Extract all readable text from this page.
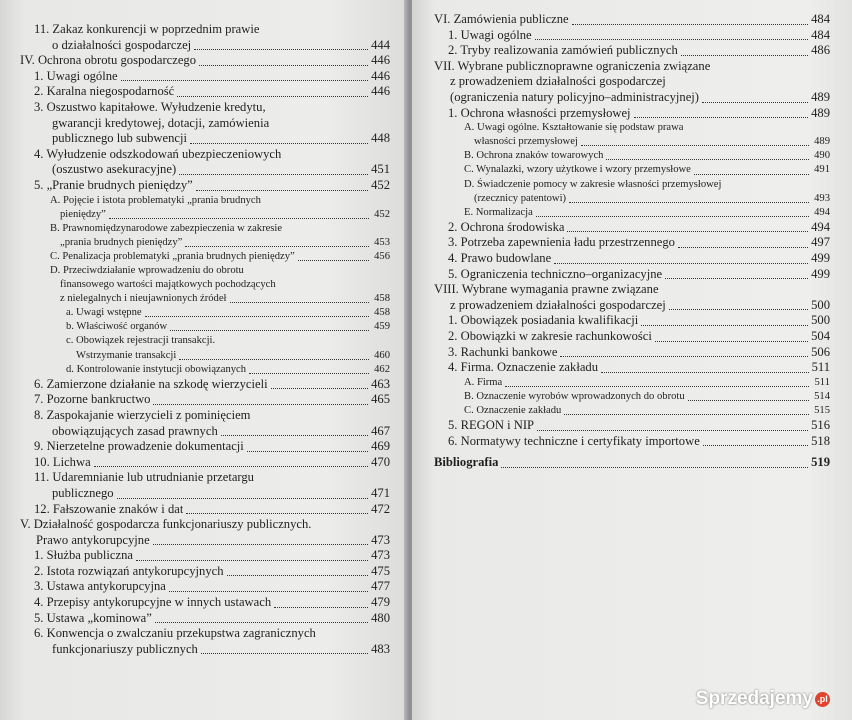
11. Zakaz konkurencji w poprzednim prawie
o działalności gospodarczej	444
IV. Ochrona obrotu gospodarczego	446
1. Uwagi ogólne	446
2. Karalna niegospodarność	446
3. Oszustwo kapitałowe. Wyłudzenie kredytu,
gwarancji kredytowej, dotacji, zamówienia
publicznego lub subwencji	448
4. Wyłudzenie odszkodowań ubezpieczeniowych
(oszustwo asekuracyjne)	451
5. „Pranie brudnych pieniędzy”	452
A. Pojęcie i istota problematyki „prania brudnych
pieniędzy”	452
B. Prawnomiędzynarodowe zabezpieczenia w zakresie
„prania brudnych pieniędzy”	453
C. Penalizacja problematyki „prania brudnych pieniędzy”	456
D. Przeciwdziałanie wprowadzeniu do obrotu
finansowego wartości majątkowych pochodzących
z nielegalnych i nieujawnionych źródeł	458
a. Uwagi wstępne	458
b. Właściwość organów	459
c. Obowiązek rejestracji transakcji.
Wstrzymanie transakcji	460
d. Kontrolowanie instytucji obowiązanych	462
6. Zamierzone działanie na szkodę wierzycieli	463
7. Pozorne bankructwo	465
8. Zaspokajanie wierzycieli z pominięciem
obowiązujących zasad prawnych	467
9. Nierzetelne prowadzenie dokumentacji	469
10. Lichwa	470
11. Udaremnianie lub utrudnianie przetargu
publicznego	471
12. Fałszowanie znaków i dat	472
V. Działalność gospodarcza funkcjonariuszy publicznych.
Prawo antykorupcyjne	473
1. Służba publiczna	473
2. Istota rozwiązań antykorupcyjnych	475
3. Ustawa antykorupcyjna	477
4. Przepisy antykorupcyjne w innych ustawach	479
5. Ustawa „kominowa”	480
6. Konwencja o zwalczaniu przekupstwa zagranicznych
funkcjonariuszy publicznych	483
VI. Zamówienia publiczne	484
1. Uwagi ogólne	484
2. Tryby realizowania zamówień publicznych	486
VII. Wybrane publicznoprawne ograniczenia związane
z prowadzeniem działalności gospodarczej
(ograniczenia natury policyjno–administracyjnej)	489
1. Ochrona własności przemysłowej	489
A. Uwagi ogólne. Kształtowanie się podstaw prawa
własności przemysłowej	489
B. Ochrona znaków towarowych	490
C. Wynalazki, wzory użytkowe i wzory przemysłowe	491
D. Świadczenie pomocy w zakresie własności przemysłowej
(rzecznicy patentowi)	493
E. Normalizacja	494
2. Ochrona środowiska	494
3. Potrzeba zapewnienia ładu przestrzennego	497
4. Prawo budowlane	499
5. Ograniczenia techniczno–organizacyjne	499
VIII. Wybrane wymagania prawne związane
z prowadzeniem działalności gospodarczej	500
1. Obowiązek posiadania kwalifikacji	500
2. Obowiązki w zakresie rachunkowości	504
3. Rachunki bankowe	506
4. Firma. Oznaczenie zakładu	511
A. Firma	511
B. Oznaczenie wyrobów wprowadzonych do obrotu	514
C. Oznaczenie zakładu	515
5. REGON i NIP	516
6. Normatywy techniczne i certyfikaty importowe	518
Bibliografia	519
Sprzedajemy .pl
